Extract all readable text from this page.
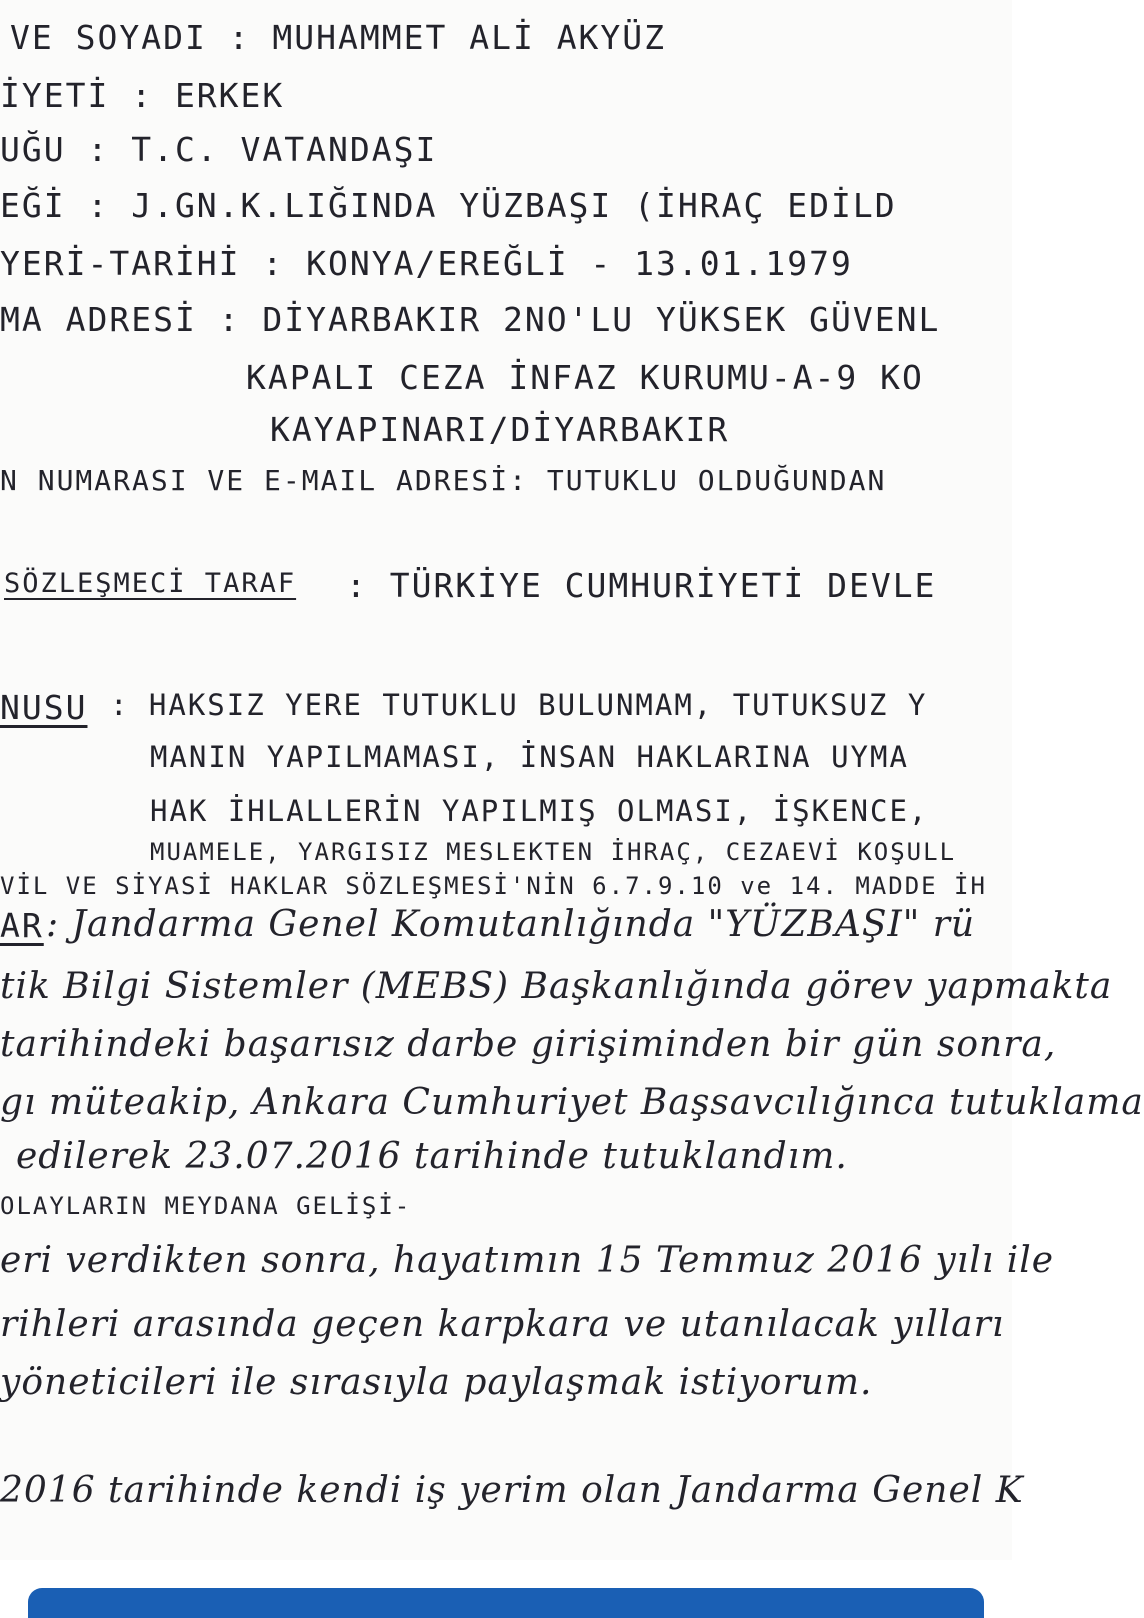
VE SOYADI : MUHAMMET ALİ AKYÜZ
İYETİ : ERKEK
UĞU : T.C. VATANDAŞI
EĞİ : J.GN.K.LIĞINDA YÜZBAŞI (İHRAÇ EDİLD
YERİ-TARİHİ : KONYA/EREĞLİ - 13.01.1979
MA ADRESİ : DİYARBAKIR 2NO'LU YÜKSEK GÜVENL
KAPALI CEZA İNFAZ KURUMU-A-9 KO
KAYAPINARI/DİYARBAKIR
N NUMARASI VE E-MAIL ADRESİ: TUTUKLU OLDUĞUNDAN
SÖZLEŞMECİ TARAF : TÜRKİYE CUMHURİYETİ DEVLE
NUSU : HAKSIZ YERE TUTUKLU BULUNMAM, TUTUKSUZ Y
MANIN YAPILMAMASI, İNSAN HAKLARINA UYMA
HAK İHLALLERİN YAPILMIŞ OLMASI, İŞKENCE,
MUAMELE, YARGISIZ MESLEKTEN İHRAÇ, CEZAEVİ KOŞULL
VİL VE SİYASİ HAKLAR SÖZLEŞMESİ'NİN 6.7.9.10 ve 14. MADDE İH
AR : Jandarma Genel Komutanlığında "YÜZBAŞI" rü
tik Bilgi Sistemler (MEBS) Başkanlığında görev yapmakta
tarihindeki başarısız darbe girişiminden bir gün sonra,
gı müteakip, Ankara Cumhuriyet Başsavcılığınca tutuklama
edilerek 23.07.2016 tarihinde tutuklandım.
OLAYLARIN MEYDANA GELİŞİ-
eri verdikten sonra, hayatımın 15 Temmuz 2016 yılı ile
rihleri arasında geçen karpkara ve utanılacak yılları
yöneticileri ile sırasıyla paylaşmak istiyorum.
2016 tarihinde kendi iş yerim olan Jandarma Genel K
